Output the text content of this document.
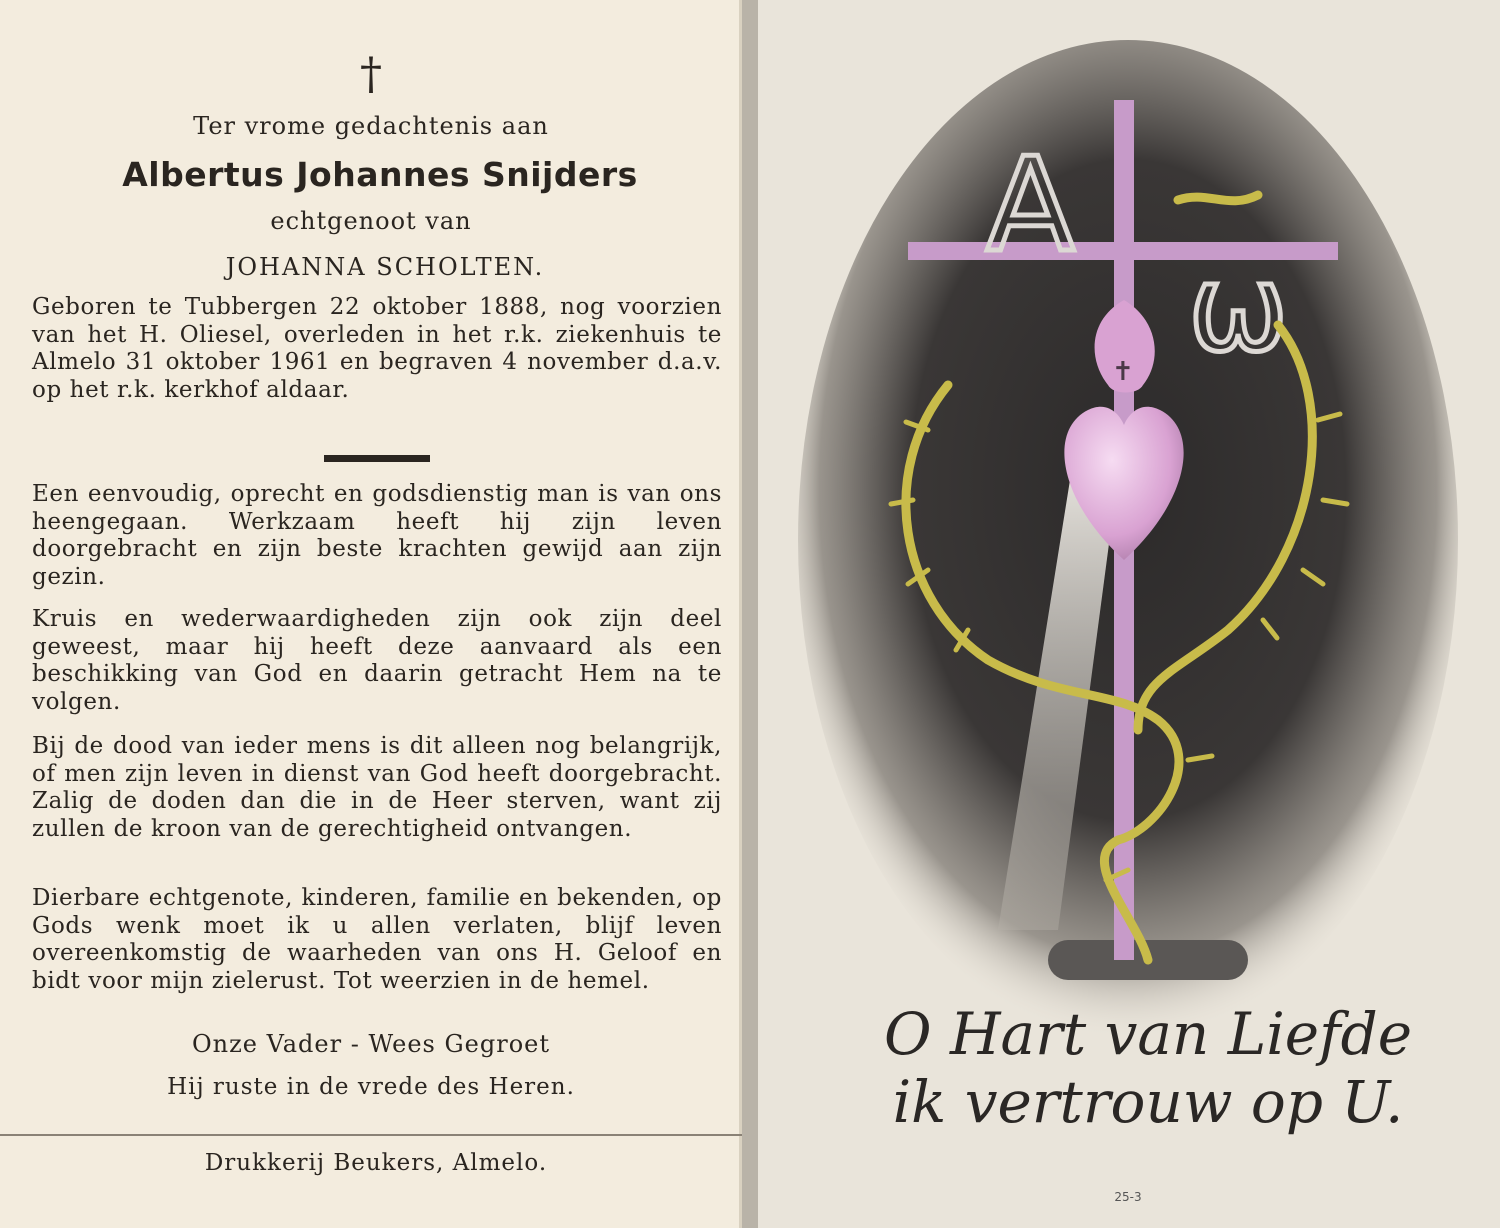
†
Ter vrome gedachtenis aan
Albertus Johannes Snijders
echtgenoot van
JOHANNA SCHOLTEN.
Geboren te Tubbergen 22 oktober 1888, nog voorzien van het H. Oliesel, overleden in het r.k. ziekenhuis te Almelo 31 oktober 1961 en begraven 4 november d.a.v. op het r.k. kerkhof aldaar.
Een eenvoudig, oprecht en godsdienstig man is van ons heengegaan. Werkzaam heeft hij zijn leven doorgebracht en zijn beste krachten gewijd aan zijn gezin.
Kruis en wederwaardigheden zijn ook zijn deel geweest, maar hij heeft deze aanvaard als een beschikking van God en daarin getracht Hem na te volgen.
Bij de dood van ieder mens is dit alleen nog belangrijk, of men zijn leven in dienst van God heeft doorgebracht. Zalig de doden dan die in de Heer sterven, want zij zullen de kroon van de gerechtigheid ontvangen.
Dierbare echtgenote, kinderen, familie en bekenden, op Gods wenk moet ik u allen verlaten, blijf leven overeenkomstig de waarheden van ons H. Geloof en bidt voor mijn zielerust. Tot weerzien in de hemel.
Onze Vader - Wees Gegroet
Hij ruste in de vrede des Heren.
Drukkerij Beukers, Almelo.
A
ω
✝
O Hart van Liefde
ik vertrouw op U.
25-3
